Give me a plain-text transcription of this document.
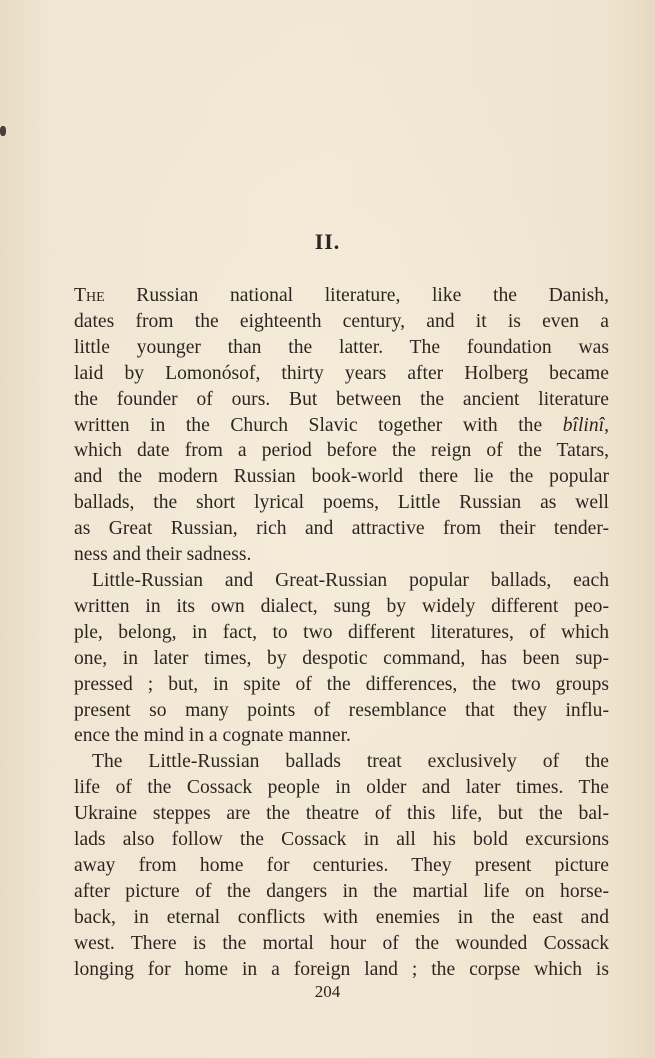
II.
The Russian national literature, like the Danish,
dates from the eighteenth century, and it is even a
little younger than the latter. The foundation was
laid by Lomonósof, thirty years after Holberg became
the founder of ours. But between the ancient literature
written in the Church Slavic together with the bîlinî,
which date from a period before the reign of the Tatars,
and the modern Russian book-world there lie the popular
ballads, the short lyrical poems, Little Russian as well
as Great Russian, rich and attractive from their tender-
ness and their sadness.
Little-Russian and Great-Russian popular ballads, each
written in its own dialect, sung by widely different peo-
ple, belong, in fact, to two different literatures, of which
one, in later times, by despotic command, has been sup-
pressed ; but, in spite of the differences, the two groups
present so many points of resemblance that they influ-
ence the mind in a cognate manner.
The Little-Russian ballads treat exclusively of the
life of the Cossack people in older and later times. The
Ukraine steppes are the theatre of this life, but the bal-
lads also follow the Cossack in all his bold excursions
away from home for centuries. They present picture
after picture of the dangers in the martial life on horse-
back, in eternal conflicts with enemies in the east and
west. There is the mortal hour of the wounded Cossack
longing for home in a foreign land ; the corpse which is
204
